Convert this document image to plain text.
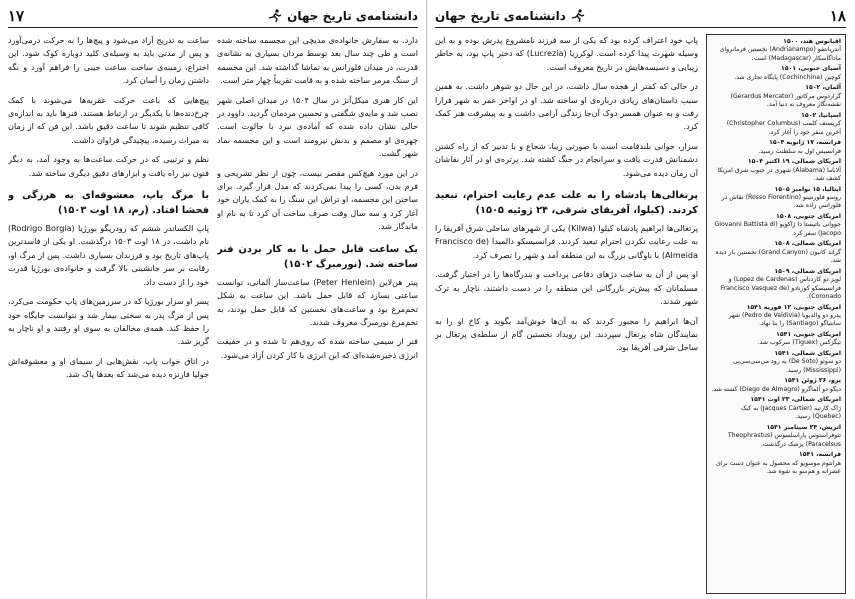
۱۷	دانشنامه‌ی تاریخ جهان

دارد. به سفارش خانواده‌ی مدیچی این مجسمه ساخته شده است و طی چند سال بعد توسط مردان بسیاری به نشانه‌ی قدرت، در میدان فلورانس به تماشا گذاشته شد. این مجسمه از سنگ مرمر ساخته شده و به قامت تقریباً چهار متر است.

این کار هنری میکل‌آنژ در سال ۱۵۰۴ در میدان اصلی شهر نصب شد و مایه‌ی شگفتی و تحسین مردمان گردید. داوود در حالی نشان داده شده که آماده‌ی نبرد با جالوت است. چهره‌ی او مصمم و بدنش نیرومند است و این مجسمه نماد شهر گشت.

در این مورد هیچ‌کس مقصر نیست، چون از نظر تشریحی و فرم بدن، کسی را پیدا نمی‌کردند که مدل قرار گیرد. برای ساختن این مجسمه، او تراش این سنگ را به کمک یاران خود آغاز کرد و سه سال وقت صرف ساخت آن کرد تا به نام او ماندگار شد.

یک ساعت قابل حمل یا به کار بردن فنر ساخته شد. (نورمبرگ ۱۵۰۲)

پیتر هن‌لاین (Peter Henlein) ساعت‌ساز آلمانی، توانست ساعتی بسازد که قابل حمل باشد. این ساعت به شکل تخم‌مرغ بود و ساعت‌های نخستین که قابل حمل بودند، به تخم‌مرغ نورمبرگ معروف شدند.

فنر از سیمی ساخته شده که روی‌هم تا شده و در حقیقت انرژی ذخیره‌شده‌ای که این انرژی با کار کردن آزاد می‌شود.

ساعت به تدریج آزاد می‌شود و پیچ‌ها را به حرکت درمی‌آورد و پس از مدتی باید به وسیله‌ی کلید دوباره کوک شود. این اختراع، زمینه‌ی ساخت ساعت جیبی را فراهم آورد و نگه داشتن زمان را آسان کرد.

پیچ‌هایی که باعث حرکت عقربه‌ها می‌شوند با کمک چرخ‌دنده‌ها با یکدیگر در ارتباط هستند. فنرها باید به اندازه‌ی کافی تنظیم شوند تا ساعت دقیق باشد. این فن که از زمان به میراث رسیده، پیچیدگی فراوان داشت.

نظم و ترتیبی که در حرکت ساعت‌ها به وجود آمد، به دیگر فنون نیز راه یافت و ابزارهای دقیق دیگری ساخته شد.

با مرگ پاپ، معشوقه‌ای به هرزگی و فحشا افتاد. (رم، ۱۸ اوت ۱۵۰۳)

پاپ الکساندر ششم که رودریگو بورژیا (Rodrigo Borgia) نام داشت، در ۱۸ اوت ۱۵۰۳ درگذشت. او یکی از فاسدترین پاپ‌های تاریخ بود و فرزندان بسیاری داشت. پس از مرگ او، رقابت بر سر جانشینی بالا گرفت و خانواده‌ی بورژیا قدرت خود را از دست داد.

پسر او سزار بورژیا که در سرزمین‌های پاپ حکومت می‌کرد، پس از مرگ پدر به سختی بیمار شد و نتوانست جایگاه خود را حفظ کند. همه‌ی مخالفان به سوی او رفتند و او ناچار به گریز شد.

در اتاق خواب پاپ، نقش‌هایی از سیمای او و معشوقه‌اش جولیا فارنزه دیده می‌شد که بعدها پاک شد.

دانشنامه‌ی تاریخ جهان	۱۸
اقیانوس هند، ۱۵۰۰
آندریانتفو (Andrianampo) نخستین فرمانروای ماداگاسکار (Madagascar) است.
آسیای جنوبی، ۱۵۰۱
کوچین (Cochinchina) پایگاه تجاری شد.
آلمان، ۱۵۰۲
گراردوس مرکاتور (Gerardus Mercator) نقشه‌نگار معروف به دنیا آمد.
اسپانیا، ۱۵۰۲
کریستف کلمب (Christopher Columbus) آخرین سفر خود را آغاز کرد.
فرانسه، ۱۷ ژانویه ۱۵۰۴
فرانسیس اول به سلطنت رسید.
امریکای شمالی، ۱۹ اکتبر ۱۵۰۴
آلاباما (Alabama) شهری در جنوب شرق امریکا کشف شد.
ایتالیا، ۱۵ نوامبر ۱۵۰۵
روسو فلورنتینو (Rosso Fiorentino) نقاش در فلورانس زاده شد.
امریکای جنوبی، ۱۵۰۸
جووانی باتیستا دا ژاکوپو (Giovanni Battista di Jacopo) سفر کرد.
امریکای شمالی، ۱۵۰۸
گراند کانیون (Grand Canyon) نخستین بار دیده شد.
امریکای شمالی، ۱۵۰۹
لوپز دو کاردناس (Lopez de Cardenas) و فرانسیسکو کورنادو (Francisco Vasquez de Coronado).
امریکای جنوبی، ۱۲ فوریه ۱۵۴۱
پدرو دو والدیویا (Pedro de Valdivia) شهر سانتیاگو (Santiago) را بنا نهاد.
امریکای جنوبی، ۱۵۴۱
تیگزکس (Tiguex) سرکوب شد.
امریکای شمالی، ۱۵۴۱
دو سوتو (De Soto) به رود می‌سی‌سی‌پی (Mississippi) رسید.
پرو، ۲۶ ژوئن ۱۵۴۱
دیگو دو آلماگرو (Diego de Almagro) کشته شد.
امریکای شمالی، ۲۳ اوت ۱۵۴۱
ژاک کارتیه (Jacques Cartier) به کبک (Quebec) رسید.
اتریش، ۲۴ سپتامبر ۱۵۴۱
تئوفراستوس پاراسلسوس (Theophrastus Paracelsus) پزشک درگذشت.
فرانسه، ۱۵۴۱
هرانتوم موسویو که محصول به عنوان دست برای عصرانه و هم‌سو به شوه شد.

پاپ خود اعتراف کرده بود که یکی از سه فرزند نامشروع پدرش بوده و به این وسیله شهرت پیدا کرده است. لوکرزیا (Lucrezia) که دختر پاپ بود، به خاطر زیبایی و دسیسه‌هایش در تاریخ معروف است.

در حالی که کمتر از هجده سال داشت، در این حال دو شوهر داشت. به همین سبب داستان‌های زیادی درباره‌ی او ساخته شد. او در اواخر عمر به شهر فرارا رفت و به عنوان همسر دوک آن‌جا زندگی آرامی داشت و به پیشرفت هنر کمک کرد.

سزار، جوانی بلندقامت است با صورتی زیبا، شجاع و با تدبیر که از راه کشتن دشمنانش قدرت یافت و سرانجام در جنگ کشته شد. پرتره‌ی او در آثار نقاشان آن زمان دیده می‌شود.

پرتغالی‌ها پادشاه را به علت عدم رعایت احترام، تبعید کردند. (کیلوا، آفریقای شرقی، ۲۴ ژوئیه ۱۵۰۵)

پرتغالی‌ها ابراهیم پادشاه کیلوا (Kilwa) یکی از شهرهای ساحلی شرق آفریقا را به علت رعایت نکردن احترام تبعید کردند. فرانسیسکو دالمیدا (Francisco de Almeida) با ناوگانی بزرگ به این منطقه آمد و شهر را تصرف کرد.

او پس از آن به ساخت دژهای دفاعی پرداخت و بندرگاه‌ها را در اختیار گرفت. مسلمانان که پیش‌تر بازرگانی این منطقه را در دست داشتند، ناچار به ترک شهر شدند.

آن‌ها ابراهیم را مجبور کردند که به آن‌ها خوش‌آمد بگوید و کاخ او را به نمایندگان شاه پرتغال سپردند. این رویداد نخستین گام از سلطه‌ی پرتغال بر ساحل شرقی آفریقا بود.
